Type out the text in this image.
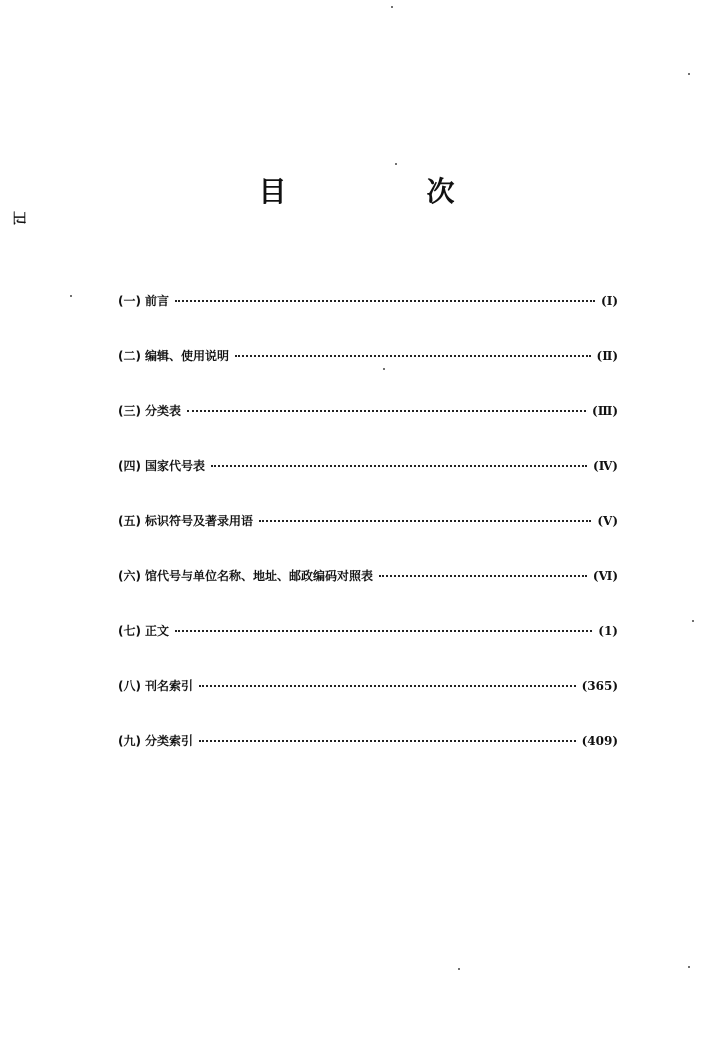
卫
目　次
(一) 前言	(Ⅰ)
(二) 编辑、使用说明	(Ⅱ)
(三) 分类表	(Ⅲ)
(四) 国家代号表	(Ⅳ)
(五) 标识符号及著录用语	(Ⅴ)
(六) 馆代号与单位名称、地址、邮政编码对照表	(Ⅵ)
(七) 正文	(1)
(八) 刊名索引	(365)
(九) 分类索引	(409)
